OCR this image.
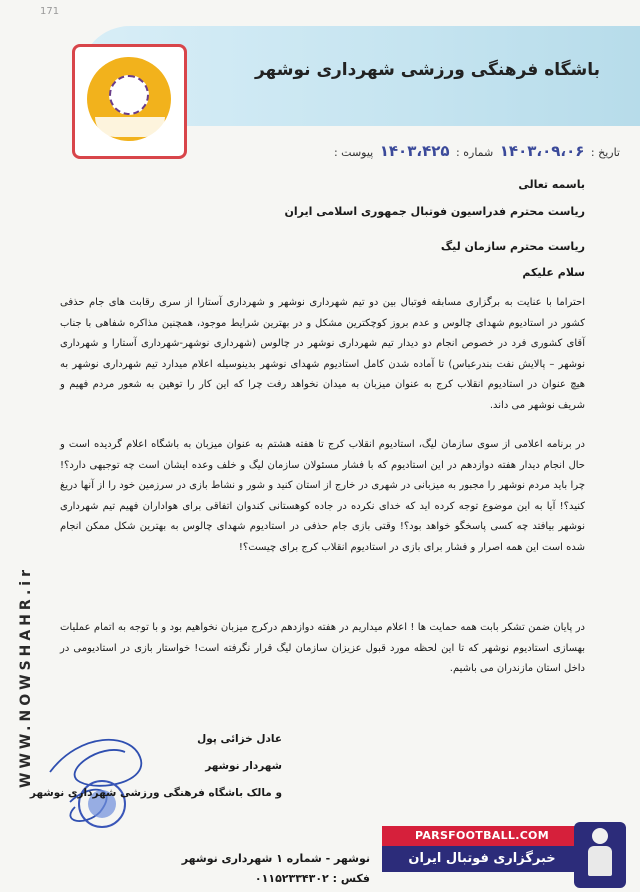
171
باشگاه فرهنگی ورزشی شهرداری نوشهر
تاریخ : ۱۴۰۳،۰۹،۰۶ شماره : ۱۴۰۳،۴۲۵ پیوست :
باسمه تعالی
ریاست محترم فدراسیون فوتبال جمهوری اسلامی ایران
ریاست محترم سازمان لیگ
سلام علیکم
احتراما با عنایت به برگزاری مسابقه فوتبال بین دو تیم شهرداری نوشهر و شهرداری آستارا از سری رقابت های جام حذفی کشور در استادیوم شهدای چالوس و عدم بروز کوچکترین مشکل و در بهترین شرایط موجود، همچنین مذاکره شفاهی با جناب آقای کشوری فرد در خصوص انجام دو دیدار تیم شهرداری نوشهر در چالوس (شهرداری نوشهر-شهرداری آستارا و شهرداری نوشهر – پالایش نفت بندرعباس) تا آماده شدن کامل استادیوم شهدای نوشهر بدینوسیله اعلام میدارد تیم شهرداری نوشهر به هیچ عنوان در استادیوم انقلاب کرج به عنوان میزبان به میدان نخواهد رفت چرا که این کار را توهین به شعور مردم فهیم و شریف نوشهر می داند.
در برنامه اعلامی از سوی سازمان لیگ، استادیوم انقلاب کرج تا هفته هشتم به عنوان میزبان به باشگاه اعلام گردیده است و حال انجام دیدار هفته دوازدهم در این استادیوم که با فشار مسئولان سازمان لیگ و خلف وعده ایشان است چه توجیهی دارد؟! چرا باید مردم نوشهر را مجبور به میزبانی در شهری در خارج از استان کنید و شور و نشاط بازی در سرزمین خود را از آنها دریغ کنید؟! آیا به این موضوع توجه کرده اید که خدای نکرده در جاده کوهستانی کندوان اتفاقی برای هواداران فهیم تیم شهرداری نوشهر بیافتد چه کسی پاسخگو خواهد بود؟! وقتی بازی جام حذفی در استادیوم شهدای چالوس به بهترین شکل ممکن انجام شده است این همه اصرار و فشار برای بازی در استادیوم انقلاب کرج برای چیست؟!
در پایان ضمن تشکر بابت همه حمایت ها ! اعلام میداریم در هفته دوازدهم درکرج میزبان نخواهیم بود و با توجه به اتمام عملیات بهسازی استادیوم نوشهر که تا این لحظه مورد قبول عزیزان سازمان لیگ قرار نگرفته است! خواستار بازی در استادیومی در داخل استان مازندران می باشیم.
عادل خزائی پول
شهردار نوشهر
و مالک باشگاه فرهنگی ورزشی شهرداری نوشهر
WWW.NOWSHAHR.ir
نوشهر - شماره ۱ شهرداری نوشهر
فکس : ۰۱۱۵۲۳۳۴۳۰۲
PARSFOOTBALL.COM
خبرگزاری فوتبال ایران
